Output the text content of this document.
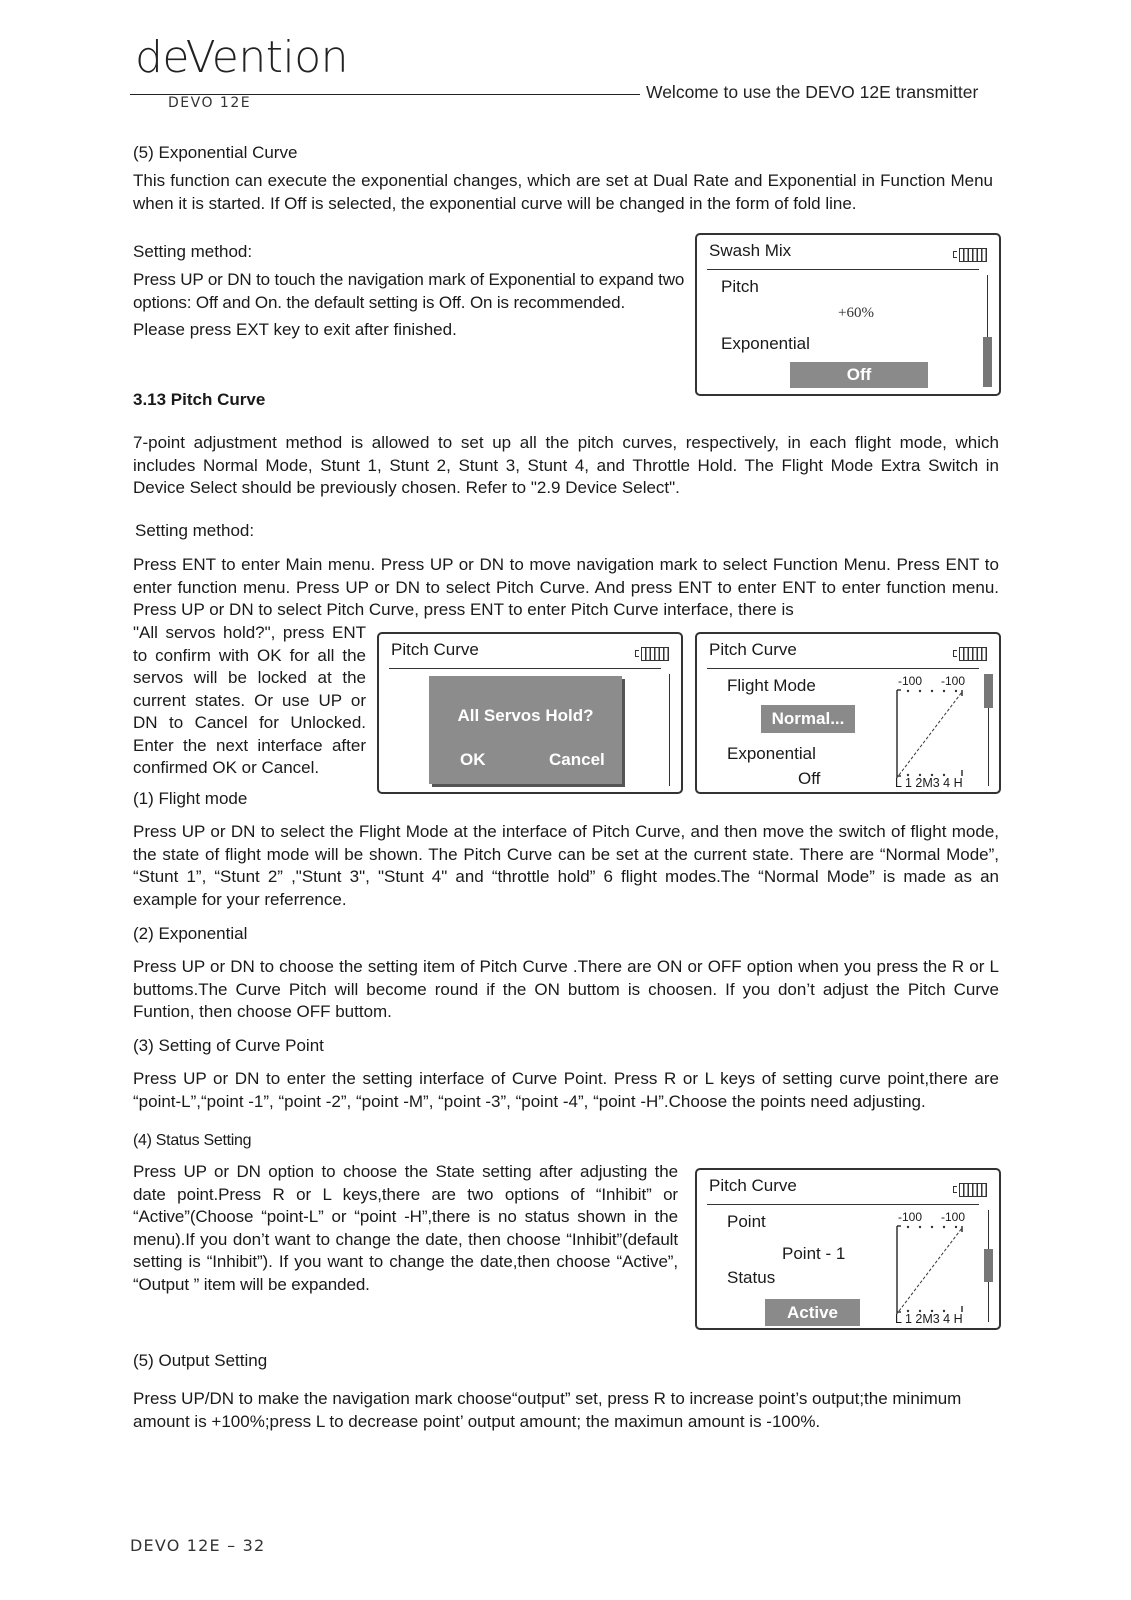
deVention
DEVO 12E
Welcome to use the DEVO 12E transmitter

(5) Exponential Curve

This function can execute the exponential changes, which are set at Dual Rate and Exponential in Function Menu when it is started. If Off is selected, the exponential curve will be changed in the form of fold line.

Setting method:

Press UP or DN to touch the navigation mark of Exponential to expand two options: Off and On. the default setting is Off. On is recommended.

Please press EXT key to exit after finished.

Swash Mix
Pitch
+60%
Exponential
Off

3.13 Pitch Curve

7-point adjustment method is allowed to set up all the pitch curves, respectively, in each flight mode, which includes Normal Mode, Stunt 1, Stunt 2, Stunt 3, Stunt 4, and Throttle Hold. The Flight Mode Extra Switch in Device Select should be previously chosen. Refer to "2.9 Device Select".

Setting method:

Press ENT to enter Main menu. Press UP or DN to move navigation mark to select Function Menu. Press ENT to enter function menu. Press UP or DN to select Pitch Curve. And press ENT to enter ENT to enter function menu. Press UP or DN to select Pitch Curve, press ENT to enter Pitch Curve interface, there is

"All servos hold?", press ENT to confirm with OK for all the servos will be locked at the current states. Or use UP or DN to Cancel for Unlocked. Enter the next interface after confirmed OK or Cancel.

Pitch Curve
All Servos Hold?
OK	Cancel
Pitch Curve
Flight Mode
Normal...
Exponential
Off
-100 -100
L 1 2M3 4 H

(1) Flight mode

Press UP or DN to select the Flight Mode at the interface of Pitch Curve, and then move the switch of flight mode, the state of flight mode will be shown. The Pitch Curve can be set at the current state. There are “Normal Mode”, “Stunt 1”, “Stunt 2” ,"Stunt 3", "Stunt 4" and “throttle hold” 6 flight modes.The “Normal Mode” is made as an example for your referrence.

(2) Exponential

Press UP or DN to choose the setting item of Pitch Curve .There are ON or OFF option when you press the R or L buttoms.The Curve Pitch will become round if the ON buttom is choosen. If you don’t adjust the Pitch Curve Funtion, then choose OFF buttom.

(3) Setting of Curve Point

Press UP or DN to enter the setting interface of Curve Point. Press R or L keys of setting curve point,there are “point-L”,“point -1”, “point -2”, “point -M”, “point -3”, “point -4”, “point -H”.Choose the points need adjusting.

(4) Status Setting

Press UP or DN option to choose the State setting after adjusting the date point.Press R or L keys,there are two options of “Inhibit” or “Active”(Choose “point-L” or “point -H”,there is no status shown in the menu).If you don’t want to change the date, then choose “Inhibit”(default setting is “Inhibit”). If you want to change the date,then choose “Active”, “Output ” item will be expanded.

Pitch Curve
Point
Point - 1
Status
Active
-100 -100
L 1 2M3 4 H

(5) Output Setting

Press UP/DN to make the navigation mark choose“output” set, press R to increase point’s output;the minimum amount is +100%;press L to decrease point’ output amount; the maximun amount is -100%.

DEVO 12E – 32
